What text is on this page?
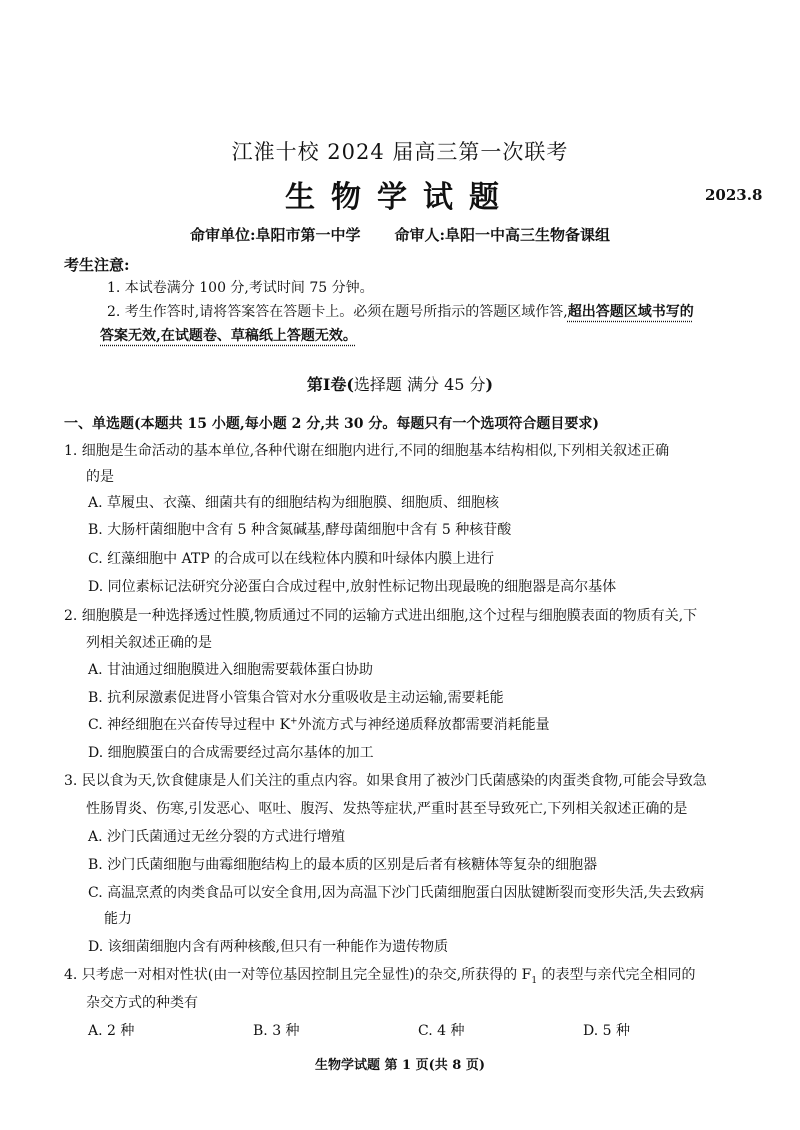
江淮十校 2024 届高三第一次联考
生物学试题	2023.8
命审单位:阜阳市第一中学 命审人:阜阳一中高三生物备课组
考生注意:
1. 本试卷满分 100 分,考试时间 75 分钟。
2. 考生作答时,请将答案答在答题卡上。必须在题号所指示的答题区域作答,超出答题区域书写的
答案无效,在试题卷、草稿纸上答题无效。
第Ⅰ卷(选择题 满分 45 分)
一、单选题(本题共 15 小题,每小题 2 分,共 30 分。每题只有一个选项符合题目要求)
1. 细胞是生命活动的基本单位,各种代谢在细胞内进行,不同的细胞基本结构相似,下列相关叙述正确
的是
A. 草履虫、衣藻、细菌共有的细胞结构为细胞膜、细胞质、细胞核
B. 大肠杆菌细胞中含有 5 种含氮碱基,酵母菌细胞中含有 5 种核苷酸
C. 红藻细胞中 ATP 的合成可以在线粒体内膜和叶绿体内膜上进行
D. 同位素标记法研究分泌蛋白合成过程中,放射性标记物出现最晚的细胞器是高尔基体
2. 细胞膜是一种选择透过性膜,物质通过不同的运输方式进出细胞,这个过程与细胞膜表面的物质有关,下
列相关叙述正确的是
A. 甘油通过细胞膜进入细胞需要载体蛋白协助
B. 抗利尿激素促进肾小管集合管对水分重吸收是主动运输,需要耗能
C. 神经细胞在兴奋传导过程中 K+外流方式与神经递质释放都需要消耗能量
D. 细胞膜蛋白的合成需要经过高尔基体的加工
3. 民以食为天,饮食健康是人们关注的重点内容。如果食用了被沙门氏菌感染的肉蛋类食物,可能会导致急
性肠胃炎、伤寒,引发恶心、呕吐、腹泻、发热等症状,严重时甚至导致死亡,下列相关叙述正确的是
A. 沙门氏菌通过无丝分裂的方式进行增殖
B. 沙门氏菌细胞与曲霉细胞结构上的最本质的区别是后者有核糖体等复杂的细胞器
C. 高温烹煮的肉类食品可以安全食用,因为高温下沙门氏菌细胞蛋白因肽键断裂而变形失活,失去致病
能力
D. 该细菌细胞内含有两种核酸,但只有一种能作为遗传物质
4. 只考虑一对相对性状(由一对等位基因控制且完全显性)的杂交,所获得的 $F_1$ 的表型与亲代完全相同的
杂交方式的种类有
A. 2 种	B. 3 种	C. 4 种	D. 5 种
生物学试题 第 1 页(共 8 页)
